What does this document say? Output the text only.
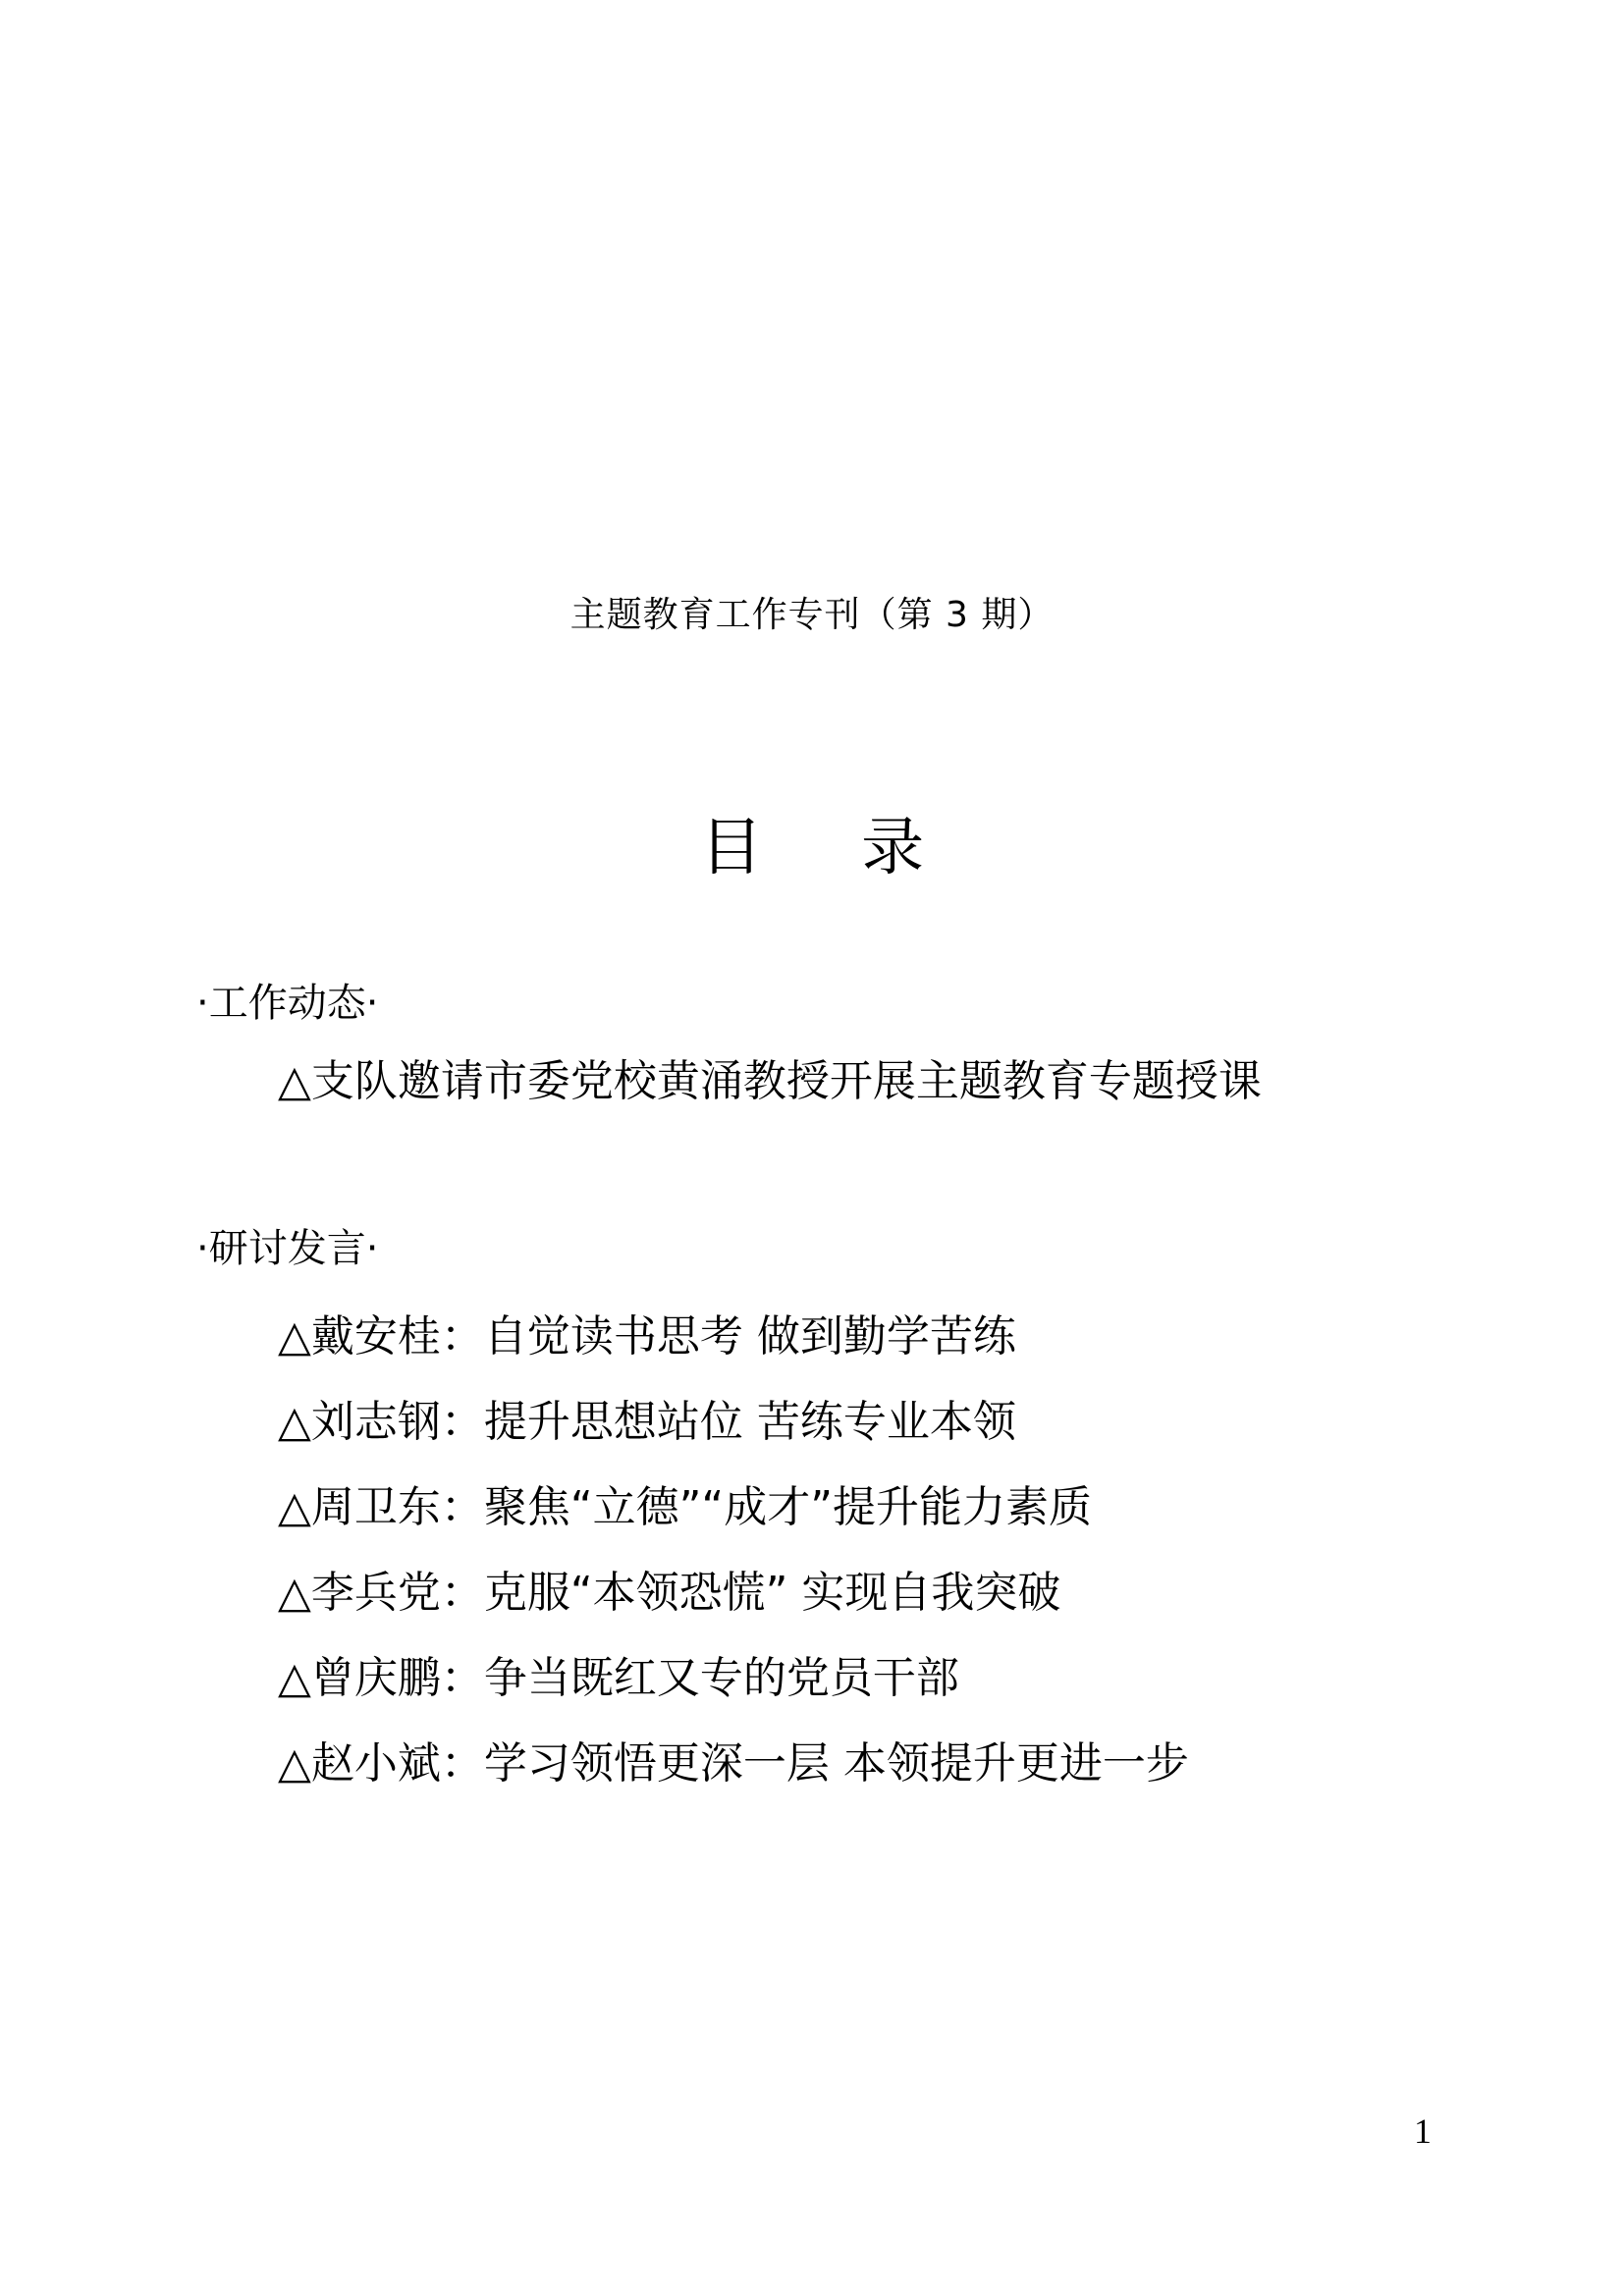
主题教育工作专刊（第 3 期）
目 录
·工作动态·
△支队邀请市委党校黄涌教授开展主题教育专题授课
·研讨发言·
△戴安桂：自觉读书思考 做到勤学苦练
△刘志钢：提升思想站位 苦练专业本领
△周卫东：聚焦“立德”“成才”提升能力素质
△李兵党：克服“本领恐慌” 实现自我突破
△曾庆鹏：争当既红又专的党员干部
△赵小斌：学习领悟更深一层 本领提升更进一步
1
